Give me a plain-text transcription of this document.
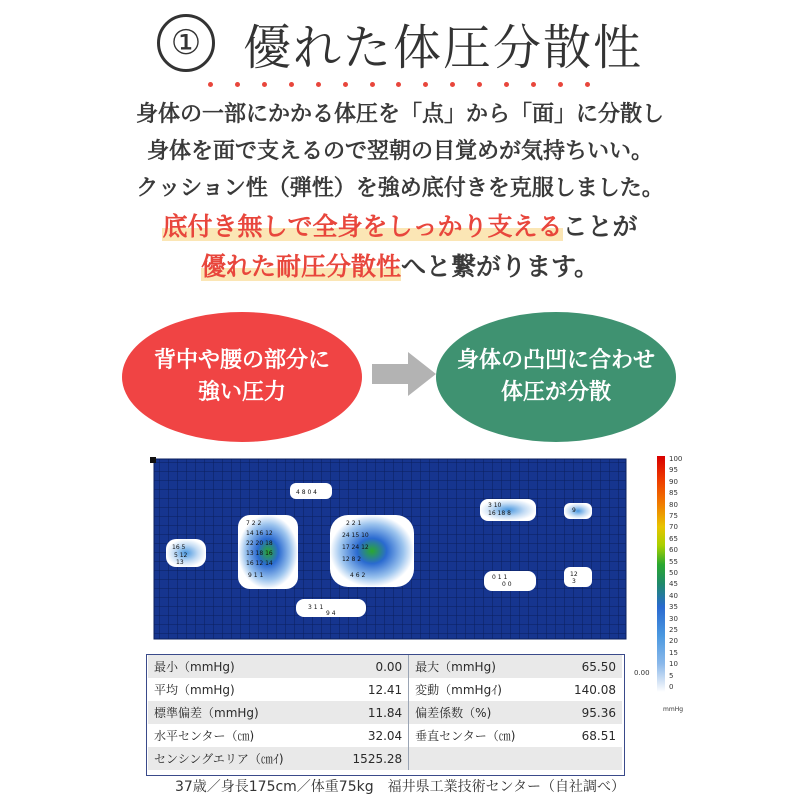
① 優れた体圧分散性
身体の一部にかかる体圧を「点」から「面」に分散し
身体を面で支えるので翌朝の目覚めが気持ちいい。
クッション性（弾性）を強め底付きを克服しました。
底付き無しで全身をしっかり支えることが
優れた耐圧分散性へと繋がります。
背中や腰の部分に
強い圧力
身体の凸凹に合わせ
体圧が分散
4 8 0 4
16 5
5 12
13
7 2 2
14 16 12
22 20 18
13 18 16
16 12 14
9 1 1
2 2 1
24 15 10
17 24 12
12 8 2
4 6 2
3 1 1
9 4
3 10
16 18 8
0 1 1
0 0
9
12
3
100
95
90
85
80
75
70
65
60
55
50
45
40
35
30
25
20
15
10
5
0
0.00
mmHg
最小（mmHg)	0.00	最大（mmHg)	65.50
平均（mmHg)	12.41	変動（mmHgｲ)	140.08
標準偏差（mmHg)	11.84	偏差係数（%)	95.36
水平センター（㎝)	32.04	垂直センター（㎝)	68.51
センシングエリア（㎝ｲ)	1525.28		
37歳／身長175cm／体重75kg　福井県工業技術センター（自社調べ）
